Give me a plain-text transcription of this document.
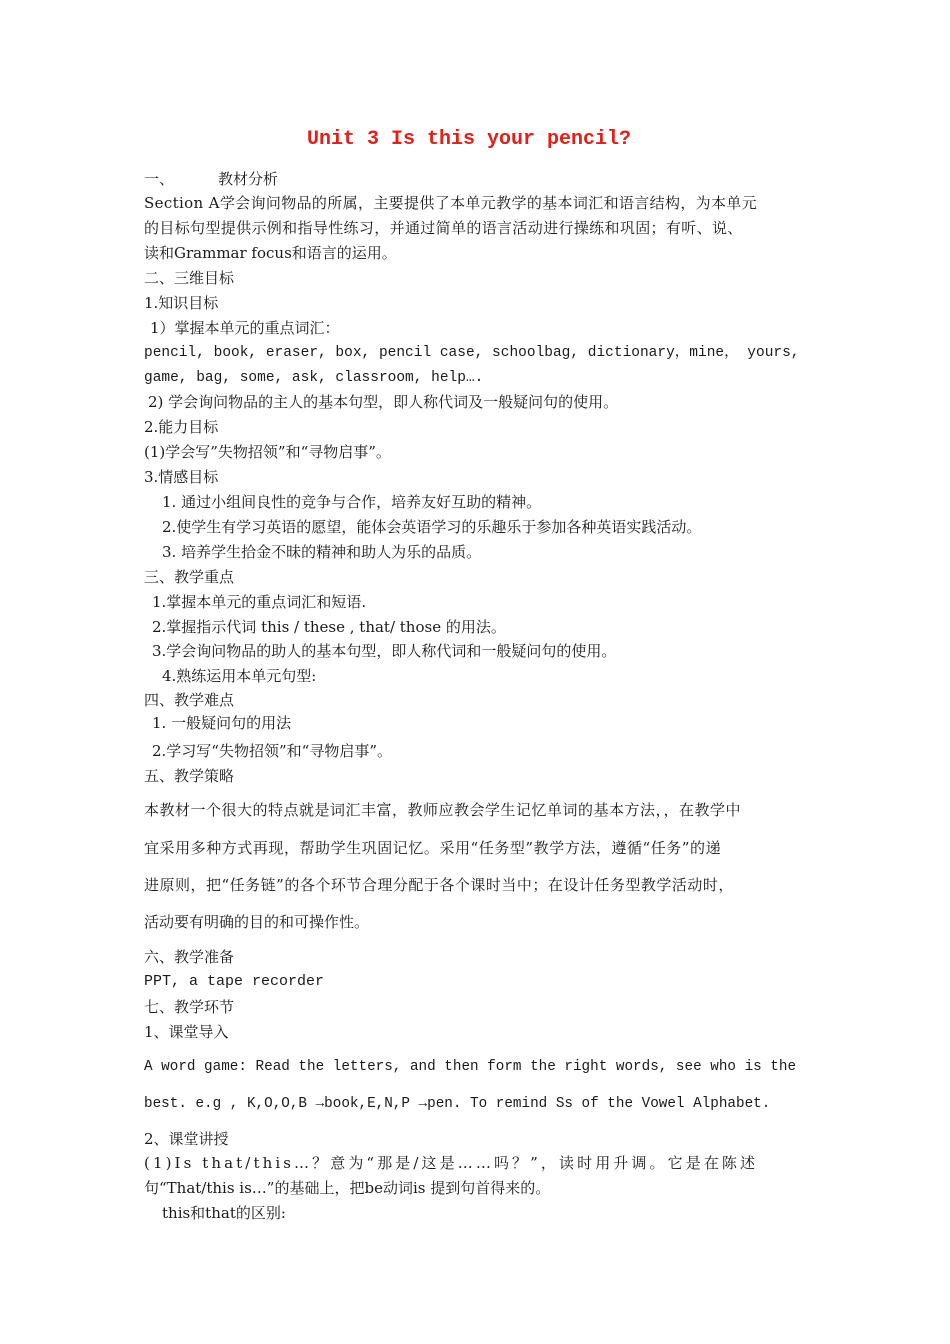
Unit 3 Is this your pencil?
一、	教材分析
Section A学会询问物品的所属，主要提供了本单元教学的基本词汇和语言结构，为本单元
的目标句型提供示例和指导性练习，并通过简单的语言活动进行操练和巩固；有听、说、
读和Grammar focus和语言的运用。
二、三维目标
1.知识目标
1）掌握本单元的重点词汇：
pencil, book, eraser, box, pencil case, schoolbag, dictionary，mine， yours,
game, bag, some, ask, classroom, help….
2) 学会询问物品的主人的基本句型，即人称代词及一般疑问句的使用。
2.能力目标
(1)学会写”失物招领”和“寻物启事”。
3.情感目标
1. 通过小组间良性的竞争与合作，培养友好互助的精神。
2.使学生有学习英语的愿望，能体会英语学习的乐趣乐于参加各种英语实践活动。
3. 培养学生拾金不昧的精神和助人为乐的品质。
三、教学重点
1.掌握本单元的重点词汇和短语.
2.掌握指示代词 this / these , that/ those 的用法。
3.学会询问物品的助人的基本句型，即人称代词和一般疑问句的使用。
4.熟练运用本单元句型:
四、教学难点
1. 一般疑问句的用法
2.学习写“失物招领”和“寻物启事”。
五、教学策略
本教材一个很大的特点就是词汇丰富，教师应教会学生记忆单词的基本方法，，在教学中
宜采用多种方式再现，帮助学生巩固记忆。采用“任务型”教学方法，遵循“任务”的递
进原则，把“任务链”的各个环节合理分配于各个课时当中；在设计任务型教学活动时，
活动要有明确的目的和可操作性。
六、教学准备
PPT, a tape recorder
七、教学环节
1、课堂导入
A word game: Read the letters, and then form the right words, see who is the
best. e.g , K,O,O,B →book,E,N,P →pen. To remind Ss of the Vowel Alphabet.
2、课堂讲授
(1)Is that/this…？意为“那是/这是……吗？”，读时用升调。它是在陈述
句“That/this is…”的基础上，把be动词is 提到句首得来的。
this和that的区别:
